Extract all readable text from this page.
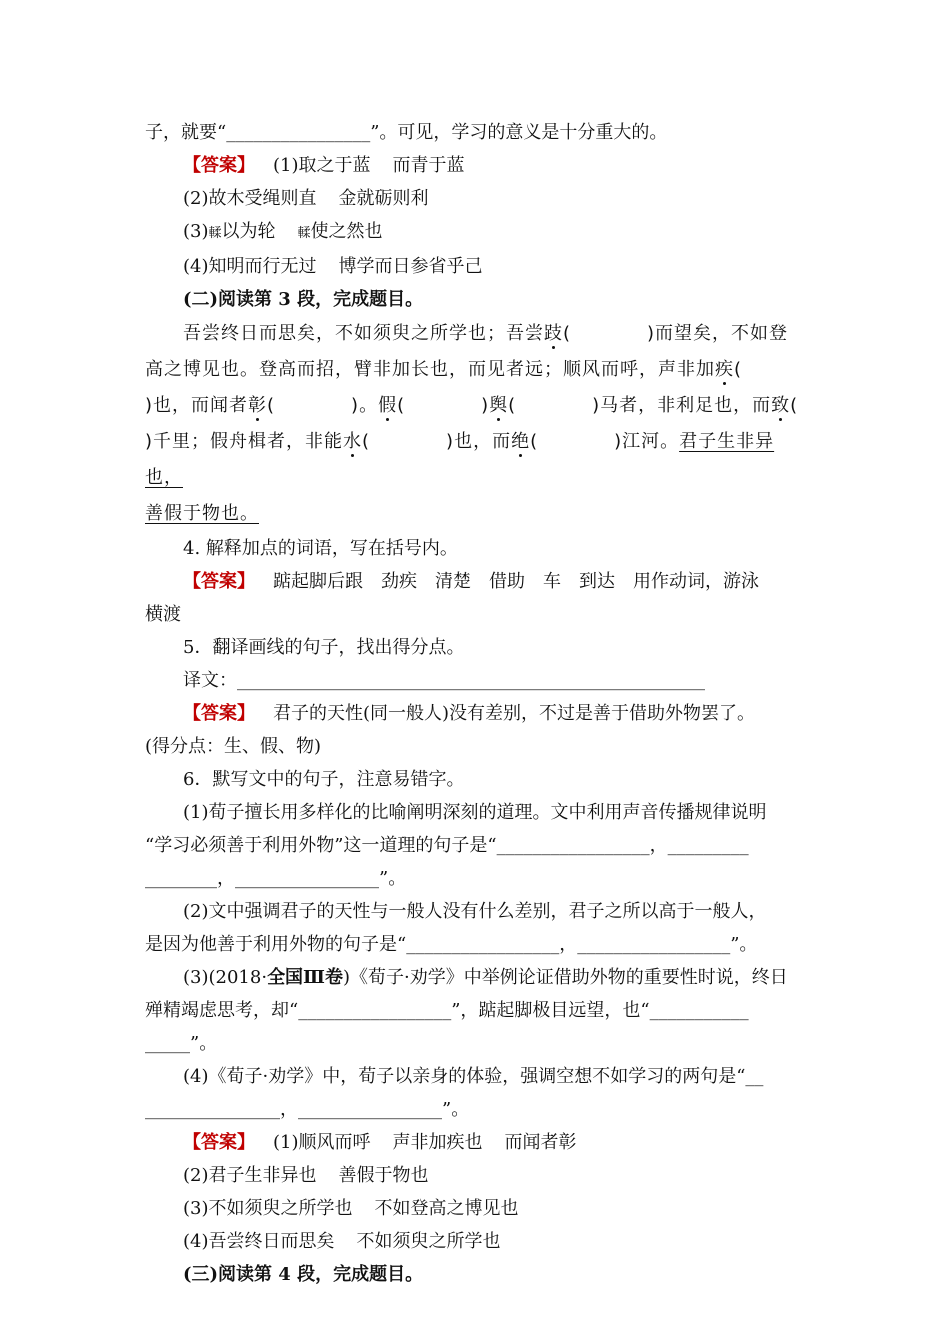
子，就要“________________”。可见，学习的意义是十分重大的。

【答案】 (1)取之于蓝 而青于蓝

(2)故木受绳则直 金就砺则利

(3)輮以为轮 輮使之然也

(4)知明而行无过 博学而日参省乎己

(二)阅读第 3 段，完成题目。

吾尝终日而思矣，不如须臾之所学也；吾尝跂(　　　　)而望矣，不如登

高之博见也。登高而招，臂非加长也，而见者远；顺风而呼，声非加疾(

)也，而闻者彰(　　　　)。假(　　　　)舆(　　　　)马者，非利足也，而致(

)千里；假舟楫者，非能水(　　　　)也，而绝(　　　　)江河。君子生非异也，

善假于物也。

4. 解释加点的词语，写在括号内。

【答案】 踮起脚后跟　劲疾　清楚　借助　车　到达　用作动词，游泳

横渡

5．翻译画线的句子，找出得分点。

译文：____________________________________________________

【答案】 君子的天性(同一般人)没有差别，不过是善于借助外物罢了。

(得分点：生、假、物)

6．默写文中的句子，注意易错字。

(1)荀子擅长用多样化的比喻阐明深刻的道理。文中利用声音传播规律说明

“学习必须善于利用外物”这一道理的句子是“_________________，_________

________，________________”。

(2)文中强调君子的天性与一般人没有什么差别，君子之所以高于一般人，

是因为他善于利用外物的句子是“_________________，_________________”。

(3)(2018·全国Ⅲ卷)《荀子·劝学》中举例论证借助外物的重要性时说，终日

殚精竭虑思考，却“_________________”，踮起脚极目远望，也“___________

_____”。

(4)《荀子·劝学》中，荀子以亲身的体验，强调空想不如学习的两句是“__

_______________，________________”。

【答案】 (1)顺风而呼 声非加疾也 而闻者彰

(2)君子生非异也 善假于物也

(3)不如须臾之所学也 不如登高之博见也

(4)吾尝终日而思矣 不如须臾之所学也

(三)阅读第 4 段，完成题目。
